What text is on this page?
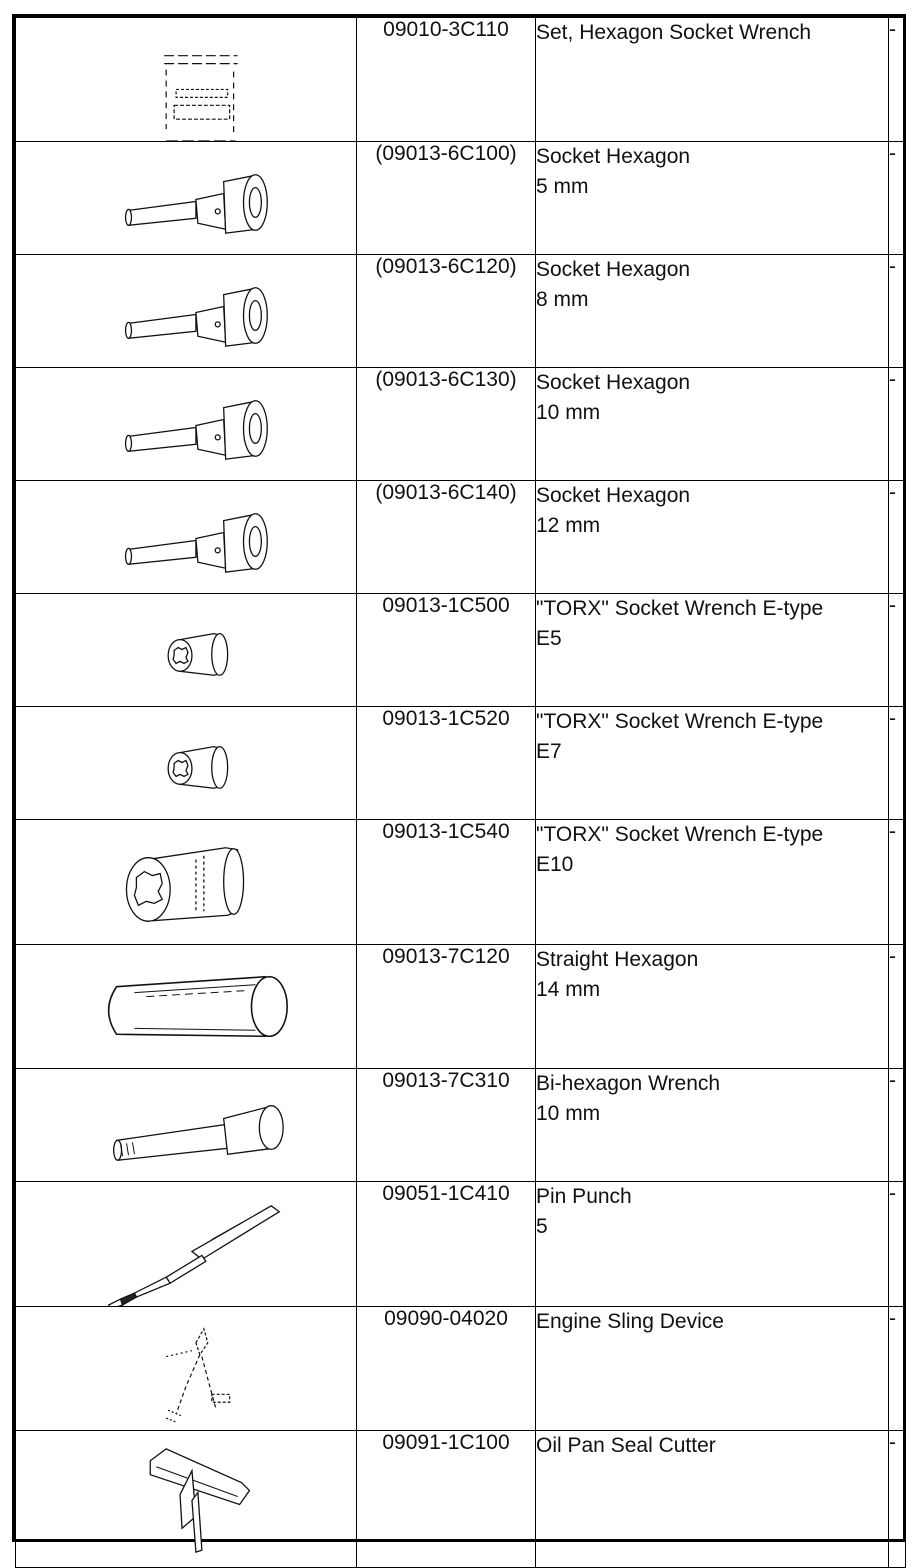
	09010-3C110	Set, Hexagon Socket Wrench	-

	(09013-6C100)	Socket Hexagon
5 mm	-

	(09013-6C120)	Socket Hexagon
8 mm	-

	(09013-6C130)	Socket Hexagon
10 mm	-

	(09013-6C140)	Socket Hexagon
12 mm	-

	09013-1C500	"TORX" Socket Wrench E-type
E5	-

	09013-1C520	"TORX" Socket Wrench E-type
E7	-

	09013-1C540	"TORX" Socket Wrench E-type
E10	-

	09013-7C120	Straight Hexagon
14 mm	-

	09013-7C310	Bi-hexagon Wrench
10 mm	-

	09051-1C410	Pin Punch
5	-

	09090-04020	Engine Sling Device	-

	09091-1C100	Oil Pan Seal Cutter	-
